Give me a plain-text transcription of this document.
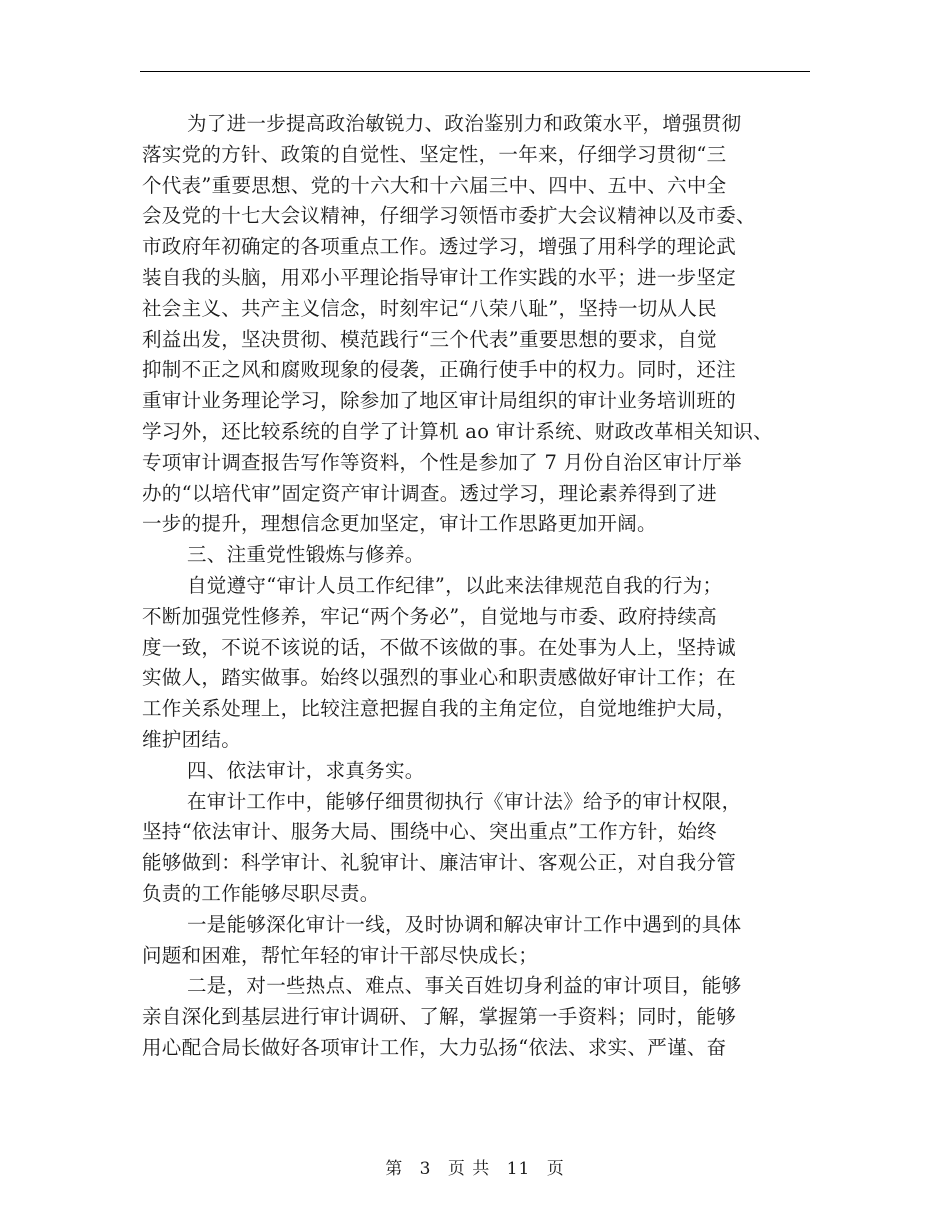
为了进一步提高政治敏锐力、政治鉴别力和政策水平，增强贯彻
落实党的方针、政策的自觉性、坚定性，一年来，仔细学习贯彻“三
个代表”重要思想、党的十六大和十六届三中、四中、五中、六中全
会及党的十七大会议精神，仔细学习领悟市委扩大会议精神以及市委、
市政府年初确定的各项重点工作。透过学习，增强了用科学的理论武
装自我的头脑，用邓小平理论指导审计工作实践的水平；进一步坚定
社会主义、共产主义信念，时刻牢记“八荣八耻”，坚持一切从人民
利益出发，坚决贯彻、模范践行“三个代表”重要思想的要求，自觉
抑制不正之风和腐败现象的侵袭，正确行使手中的权力。同时，还注
重审计业务理论学习，除参加了地区审计局组织的审计业务培训班的
学习外，还比较系统的自学了计算机 ao 审计系统、财政改革相关知识、
专项审计调查报告写作等资料，个性是参加了 7 月份自治区审计厅举
办的“以培代审”固定资产审计调查。透过学习，理论素养得到了进
一步的提升，理想信念更加坚定，审计工作思路更加开阔。
三、注重党性锻炼与修养。
自觉遵守“审计人员工作纪律”，以此来法律规范自我的行为；
不断加强党性修养，牢记“两个务必”，自觉地与市委、政府持续高
度一致，不说不该说的话，不做不该做的事。在处事为人上，坚持诚
实做人，踏实做事。始终以强烈的事业心和职责感做好审计工作；在
工作关系处理上，比较注意把握自我的主角定位，自觉地维护大局，
维护团结。
四、依法审计，求真务实。
在审计工作中，能够仔细贯彻执行《审计法》给予的审计权限，
坚持“依法审计、服务大局、围绕中心、突出重点”工作方针，始终
能够做到：科学审计、礼貌审计、廉洁审计、客观公正，对自我分管
负责的工作能够尽职尽责。
一是能够深化审计一线，及时协调和解决审计工作中遇到的具体
问题和困难，帮忙年轻的审计干部尽快成长；
二是，对一些热点、难点、事关百姓切身利益的审计项目，能够
亲自深化到基层进行审计调研、了解，掌握第一手资料；同时，能够
用心配合局长做好各项审计工作，大力弘扬“依法、求实、严谨、奋
第 3 页 共 11 页
